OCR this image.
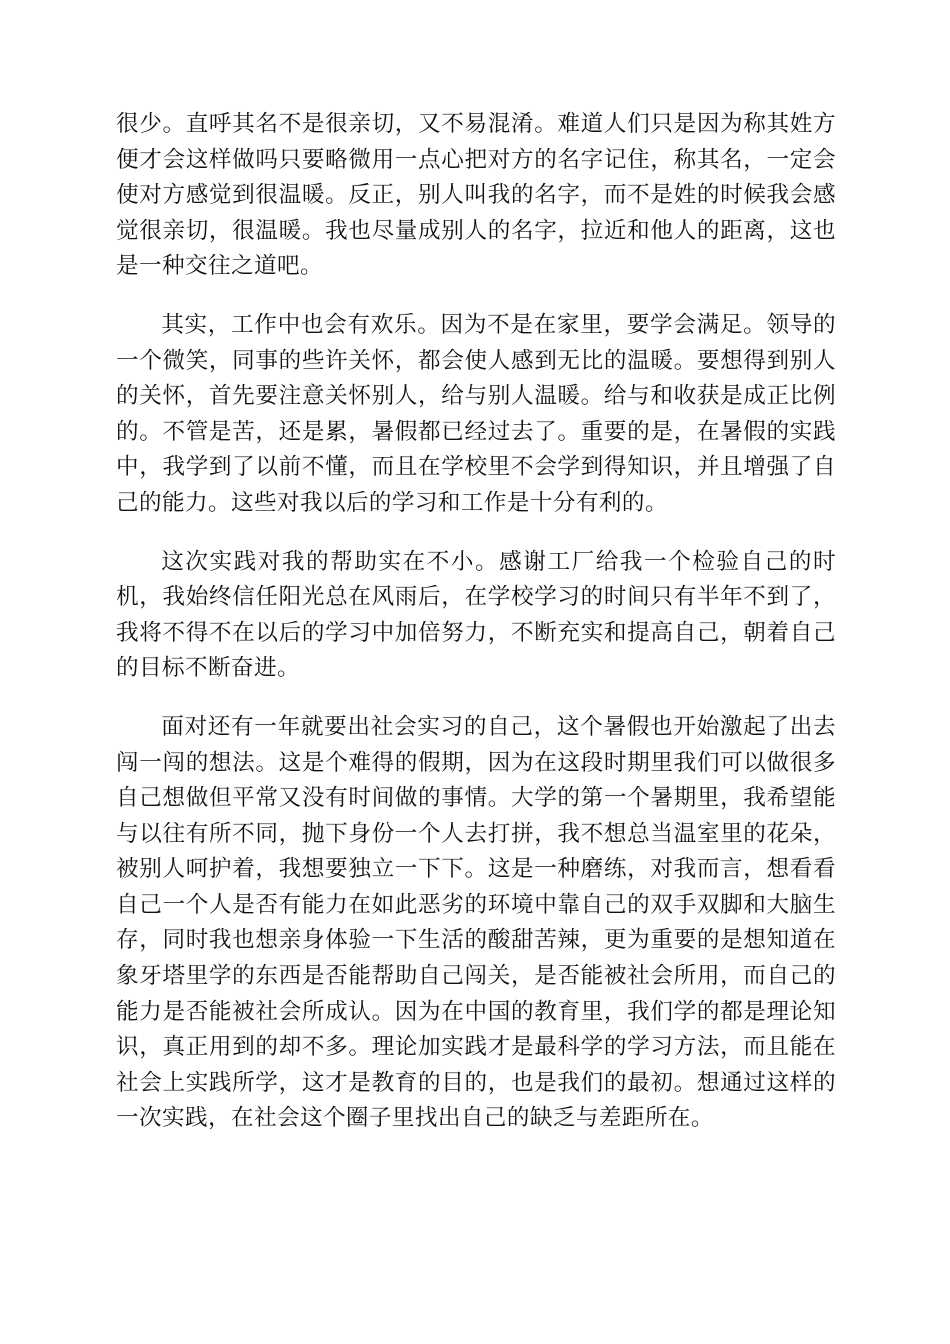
很少。直呼其名不是很亲切，又不易混淆。难道人们只是因为称其姓方便才会这样做吗只要略微用一点心把对方的名字记住，称其名，一定会使对方感觉到很温暖。反正，别人叫我的名字，而不是姓的时候我会感觉很亲切，很温暖。我也尽量成别人的名字，拉近和他人的距离，这也是一种交往之道吧。

其实，工作中也会有欢乐。因为不是在家里，要学会满足。领导的一个微笑，同事的些许关怀，都会使人感到无比的温暖。要想得到别人的关怀，首先要注意关怀别人，给与别人温暖。给与和收获是成正比例的。不管是苦，还是累，暑假都已经过去了。重要的是，在暑假的实践中，我学到了以前不懂，而且在学校里不会学到得知识，并且增强了自己的能力。这些对我以后的学习和工作是十分有利的。

这次实践对我的帮助实在不小。感谢工厂给我一个检验自己的时机，我始终信任阳光总在风雨后，在学校学习的时间只有半年不到了，我将不得不在以后的学习中加倍努力，不断充实和提高自己，朝着自己的目标不断奋进。

面对还有一年就要出社会实习的自己，这个暑假也开始激起了出去闯一闯的想法。这是个难得的假期，因为在这段时期里我们可以做很多自己想做但平常又没有时间做的事情。大学的第一个暑期里，我希望能与以往有所不同，抛下身份一个人去打拼，我不想总当温室里的花朵，被别人呵护着，我想要独立一下下。这是一种磨练，对我而言，想看看自己一个人是否有能力在如此恶劣的环境中靠自己的双手双脚和大脑生存，同时我也想亲身体验一下生活的酸甜苦辣，更为重要的是想知道在象牙塔里学的东西是否能帮助自己闯关，是否能被社会所用，而自己的能力是否能被社会所成认。因为在中国的教育里，我们学的都是理论知识，真正用到的却不多。理论加实践才是最科学的学习方法，而且能在社会上实践所学，这才是教育的目的，也是我们的最初。想通过这样的一次实践，在社会这个圈子里找出自己的缺乏与差距所在。
